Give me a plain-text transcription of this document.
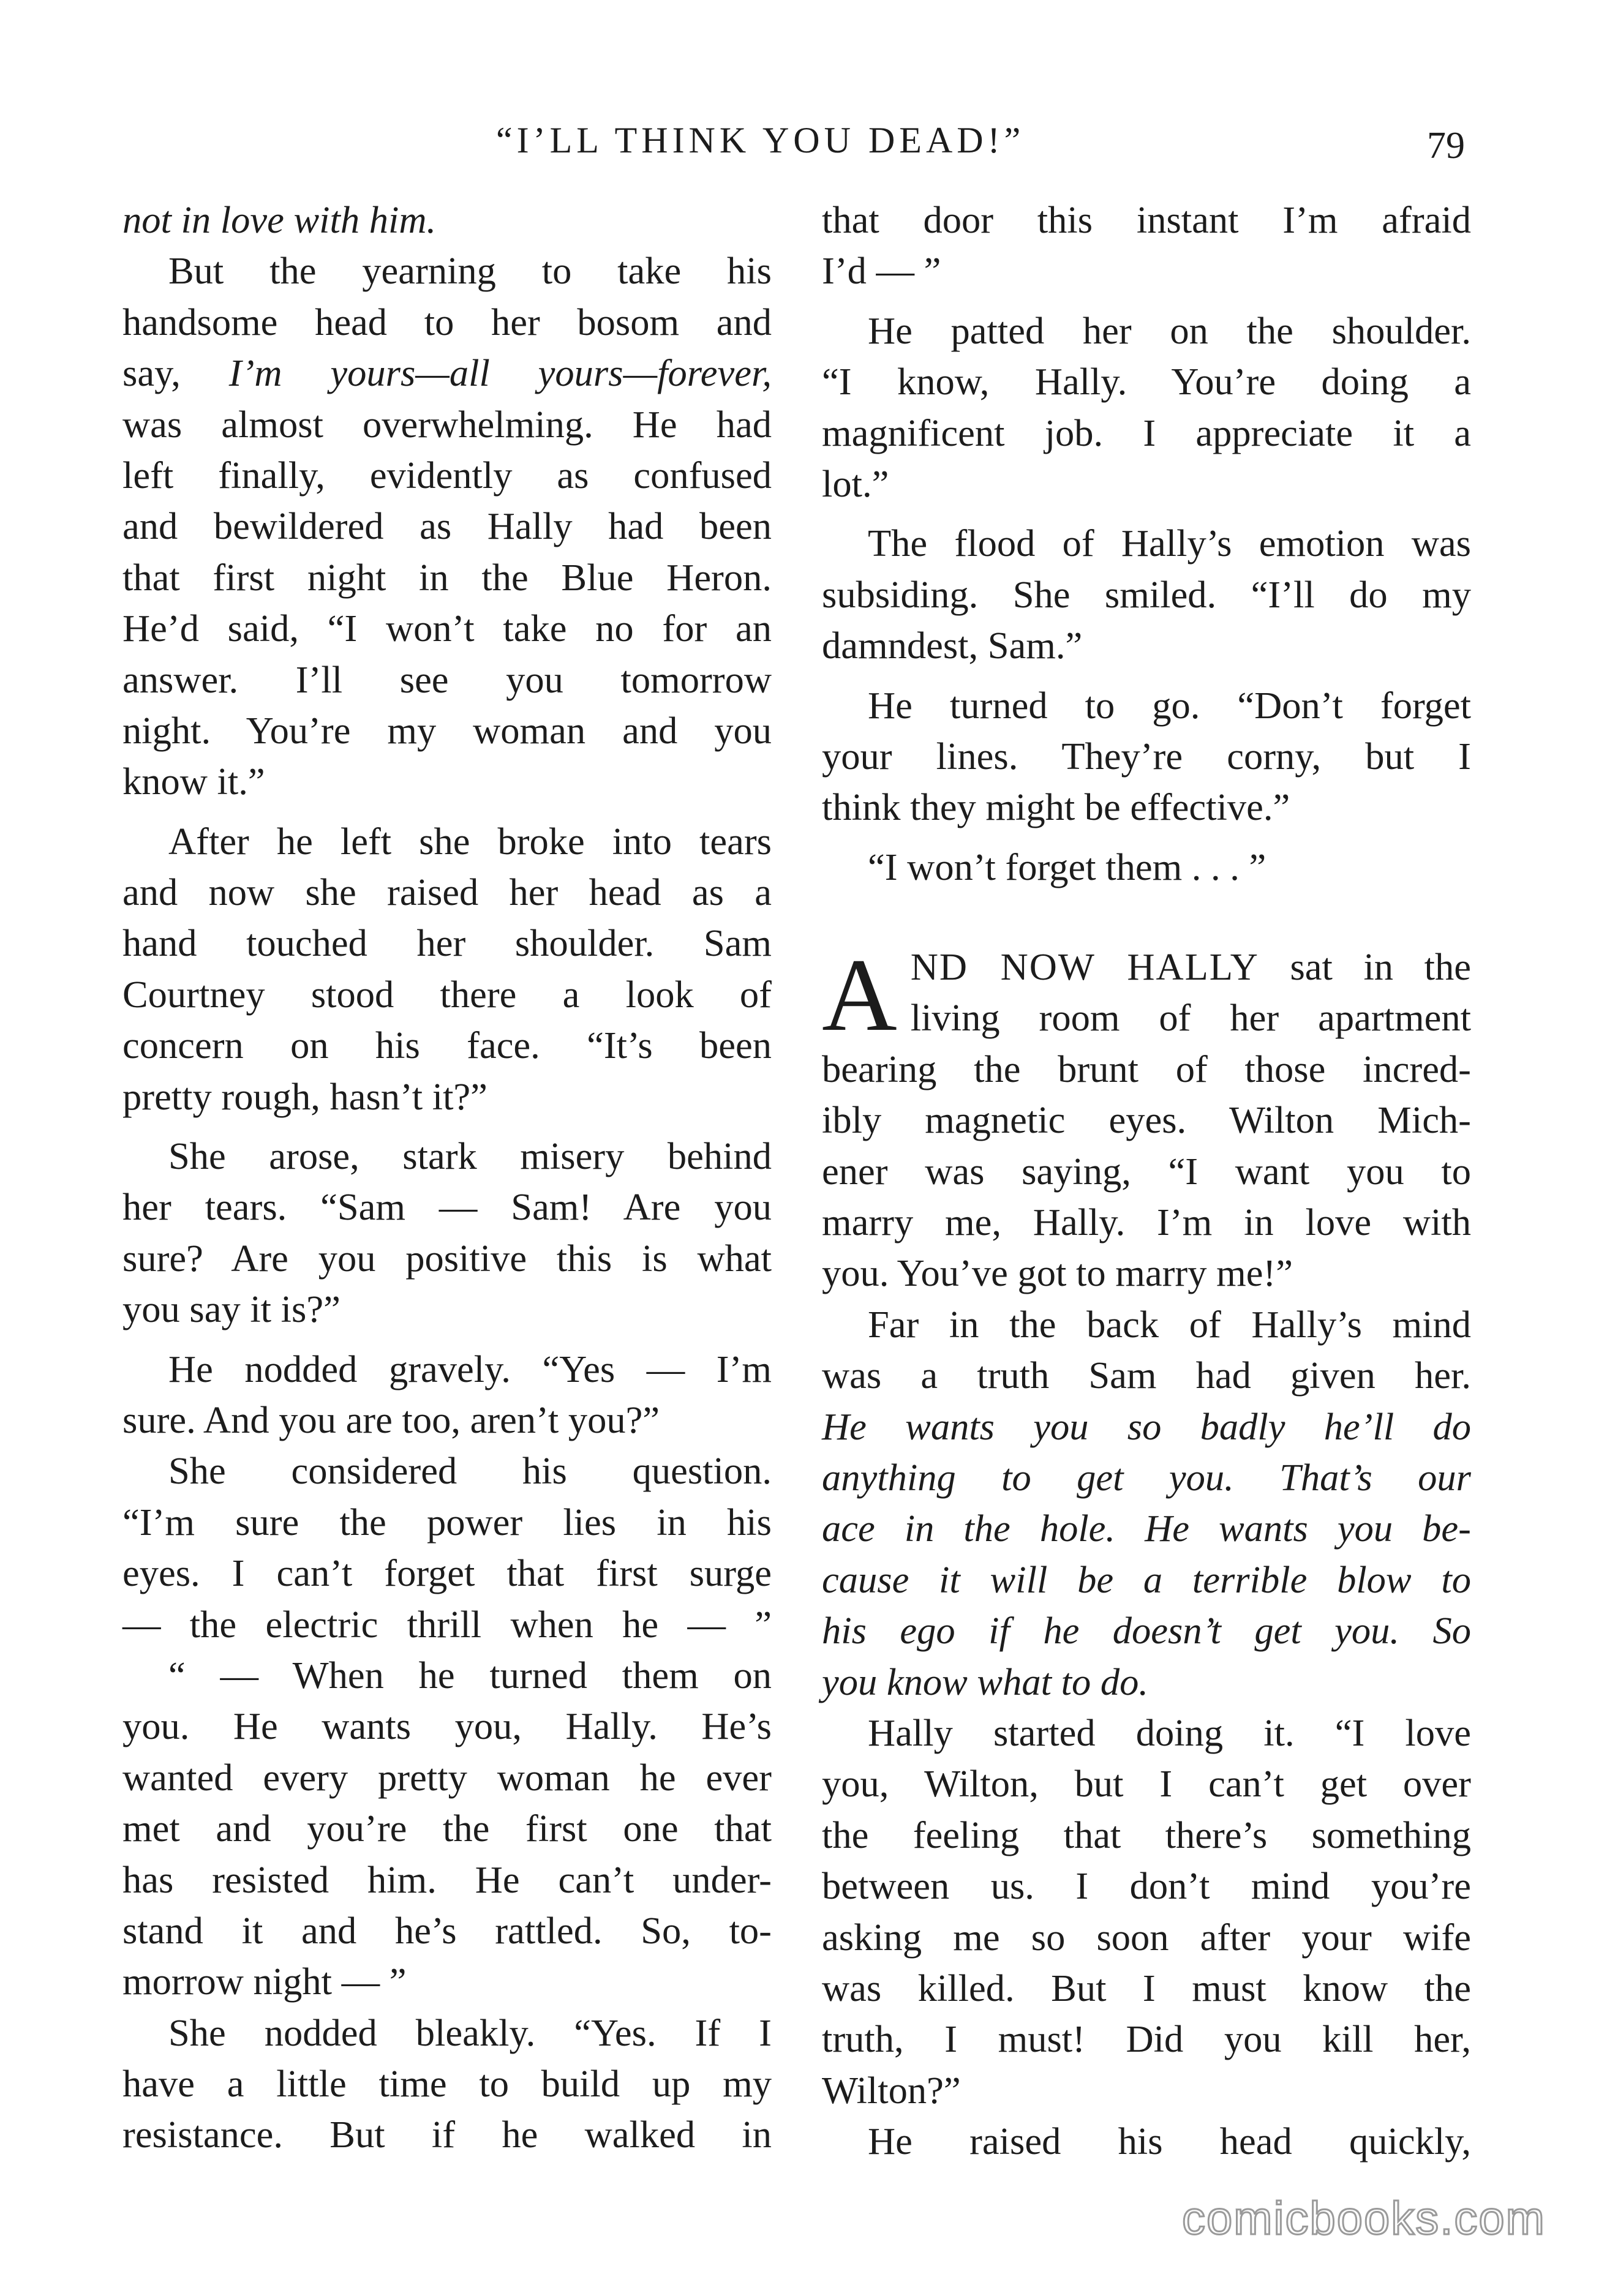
“I’LL THINK YOU DEAD!”	79
not in love with him.
But the yearning to take his
handsome head to her bosom and
say, I’m yours—all yours—forever,
was almost overwhelming. He had
left finally, evidently as confused
and bewildered as Hally had been
that first night in the Blue Heron.
He’d said, “I won’t take no for an
answer. I’ll see you tomorrow
night. You’re my woman and you
know it.”
After he left she broke into tears
and now she raised her head as a
hand touched her shoulder. Sam
Courtney stood there a look of
concern on his face. “It’s been
pretty rough, hasn’t it?”
She arose, stark misery behind
her tears. “Sam — Sam! Are you
sure? Are you positive this is what
you say it is?”
He nodded gravely. “Yes — I’m
sure. And you are too, aren’t you?”
She considered his question.
“I’m sure the power lies in his
eyes. I can’t forget that first surge
— the electric thrill when he — ”
“ — When he turned them on
you. He wants you, Hally. He’s
wanted every pretty woman he ever
met and you’re the first one that
has resisted him. He can’t under-
stand it and he’s rattled. So, to-
morrow night — ”
She nodded bleakly. “Yes. If I
have a little time to build up my
resistance. But if he walked in
that door this instant I’m afraid
I’d — ”
He patted her on the shoulder.
“I know, Hally. You’re doing a
magnificent job. I appreciate it a
lot.”
The flood of Hally’s emotion was
subsiding. She smiled. “I’ll do my
damndest, Sam.”
He turned to go. “Don’t forget
your lines. They’re corny, but I
think they might be effective.”
“I won’t forget them . . . ”
A ND NOW HALLY sat in the
living room of her apartment
bearing the brunt of those incred-
ibly magnetic eyes. Wilton Mich-
ener was saying, “I want you to
marry me, Hally. I’m in love with
you. You’ve got to marry me!”
Far in the back of Hally’s mind
was a truth Sam had given her.
He wants you so badly he’ll do
anything to get you. That’s our
ace in the hole. He wants you be-
cause it will be a terrible blow to
his ego if he doesn’t get you. So
you know what to do.
Hally started doing it. “I love
you, Wilton, but I can’t get over
the feeling that there’s something
between us. I don’t mind you’re
asking me so soon after your wife
was killed. But I must know the
truth, I must! Did you kill her,
Wilton?”
He raised his head quickly,
comicbooks.com
